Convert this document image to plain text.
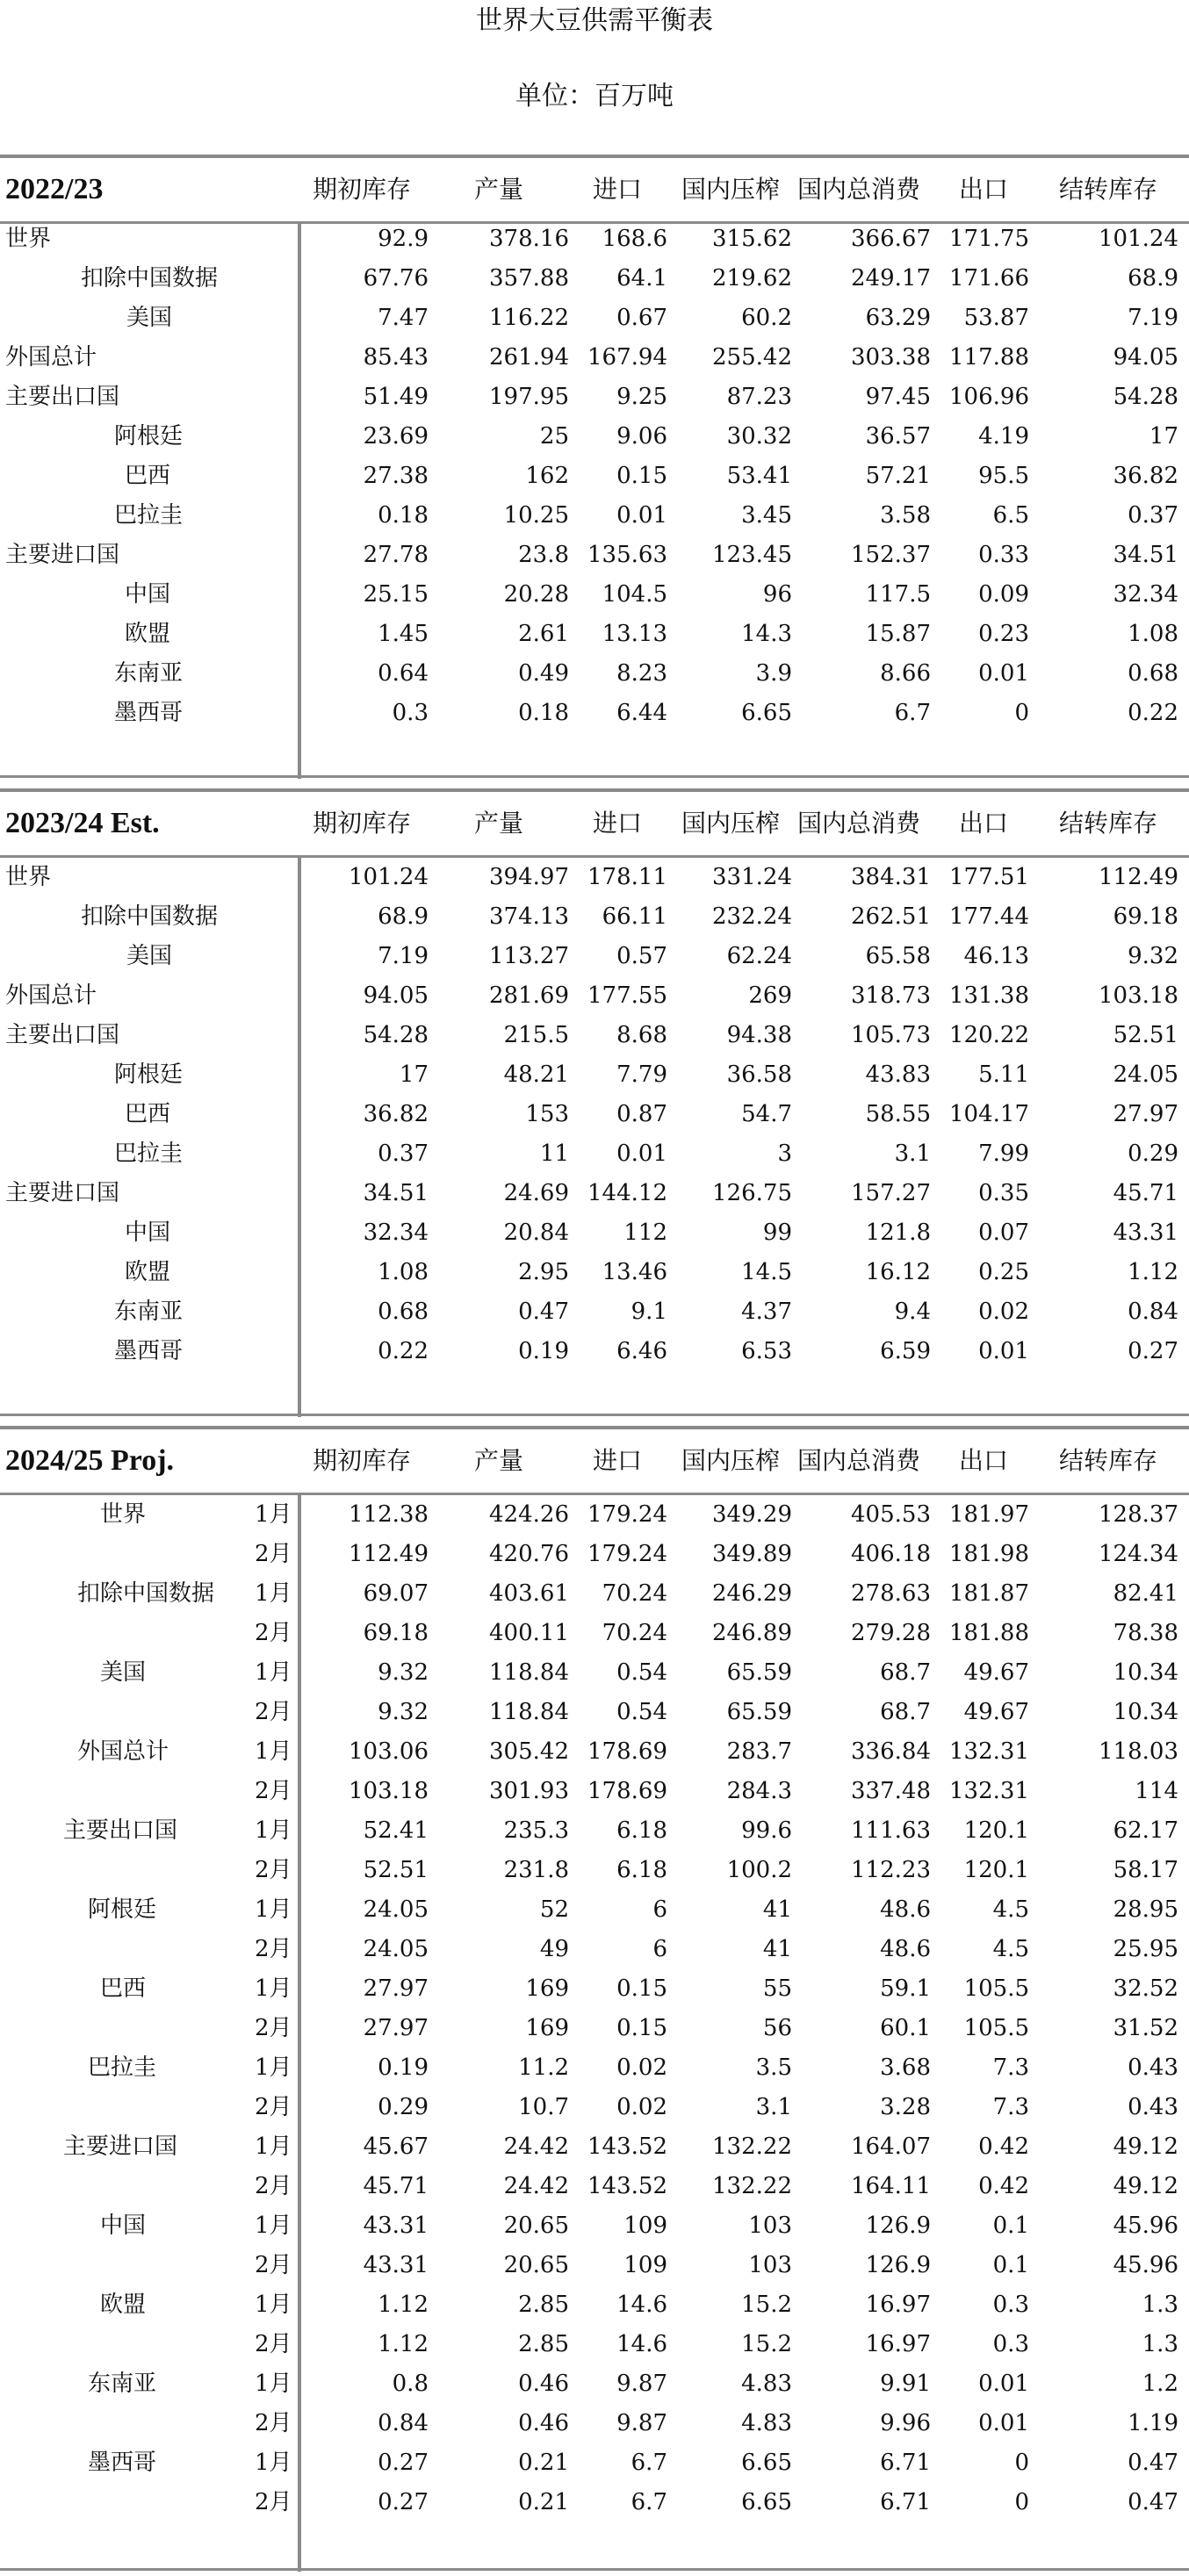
世界大豆供需平衡表
单位：百万吨
2022/23	期初库存	产量	进口 国内压榨 国内总消费 出口 结转库存
世界	92.9	378.16 168.6 315.62	366.67 171.75	101.24
扣除中国数据	67.76	357.88 64.1 219.62	249.17 171.66	68.9
美国	7.47	116.22 0.67	60.2	63.29 53.87	7.19
外国总计	85.43	261.94 167.94 255.42	303.38 117.88	94.05
主要出口国	51.49	197.95 9.25	87.23	97.45 106.96	54.28
阿根廷	23.69	25 9.06	30.32	36.57 4.19	17
巴西	27.38	162 0.15	53.41	57.21 95.5	36.82
巴拉圭	0.18	10.25 0.01	3.45	3.58	6.5	0.37
主要进口国	27.78	23.8 135.63 123.45	152.37 0.33	34.51
中国	25.15	20.28 104.5	96	117.5 0.09	32.34
欧盟	1.45	2.61 13.13	14.3	15.87 0.23	1.08
东南亚	0.64	0.49 8.23	3.9	8.66 0.01	0.68
墨西哥	0.3	0.18 6.44	6.65	6.7	0	0.22
2023/24 Est.	期初库存	产量	进口 国内压榨 国内总消费 出口 结转库存
世界	101.24	394.97 178.11 331.24	384.31 177.51	112.49
扣除中国数据	68.9	374.13 66.11 232.24	262.51 177.44	69.18
美国	7.19	113.27 0.57	62.24	65.58 46.13	9.32
外国总计	94.05	281.69 177.55	269	318.73 131.38	103.18
主要出口国	54.28	215.5 8.68	94.38	105.73 120.22	52.51
阿根廷	17	48.21 7.79	36.58	43.83 5.11	24.05
巴西	36.82	153 0.87	54.7	58.55 104.17	27.97
巴拉圭	0.37	11 0.01	3	3.1 7.99	0.29
主要进口国	34.51	24.69 144.12 126.75	157.27 0.35	45.71
中国	32.34	20.84 112	99	121.8 0.07	43.31
欧盟	1.08	2.95 13.46	14.5	16.12 0.25	1.12
东南亚	0.68	0.47	9.1	4.37	9.4 0.02	0.84
墨西哥	0.22	0.19 6.46	6.53	6.59 0.01	0.27
2024/25 Proj.	期初库存	产量	进口 国内压榨 国内总消费 出口 结转库存
世界	1月 112.38	424.26 179.24 349.29	405.53 181.97	128.37
2月 112.49	420.76 179.24 349.89	406.18 181.98	124.34
扣除中国数据 1月	69.07	403.61 70.24 246.29	278.63 181.87	82.41
2月	69.18	400.11 70.24 246.89	279.28 181.88	78.38
美国	1月	9.32	118.84 0.54	65.59	68.7 49.67	10.34
2月	9.32	118.84 0.54	65.59	68.7 49.67	10.34
外国总计	1月 103.06	305.42 178.69	283.7	336.84 132.31	118.03
2月 103.18	301.93 178.69	284.3	337.48 132.31	114
主要出口国	1月	52.41	235.3 6.18	99.6	111.63 120.1	62.17
2月	52.51	231.8 6.18	100.2	112.23 120.1	58.17
阿根廷	1月	24.05	52	6	41	48.6	4.5	28.95
2月	24.05	49	6	41	48.6	4.5	25.95
巴西	1月	27.97	169 0.15	55	59.1 105.5	32.52
2月	27.97	169 0.15	56	60.1 105.5	31.52
巴拉圭	1月	0.19	11.2 0.02	3.5	3.68	7.3	0.43
2月	0.29	10.7 0.02	3.1	3.28	7.3	0.43
主要进口国	1月	45.67	24.42 143.52 132.22	164.07 0.42	49.12
2月	45.71	24.42 143.52 132.22	164.11 0.42	49.12
中国	1月	43.31	20.65 109	103	126.9	0.1	45.96
2月	43.31	20.65 109	103	126.9	0.1	45.96
欧盟	1月	1.12	2.85 14.6	15.2	16.97	0.3	1.3
2月	1.12	2.85 14.6	15.2	16.97	0.3	1.3
东南亚	1月	0.8	0.46 9.87	4.83	9.91 0.01	1.2
2月	0.84	0.46 9.87	4.83	9.96 0.01	1.19
墨西哥	1月	0.27	0.21	6.7	6.65	6.71	0	0.47
2月	0.27	0.21	6.7	6.65	6.71	0	0.47
